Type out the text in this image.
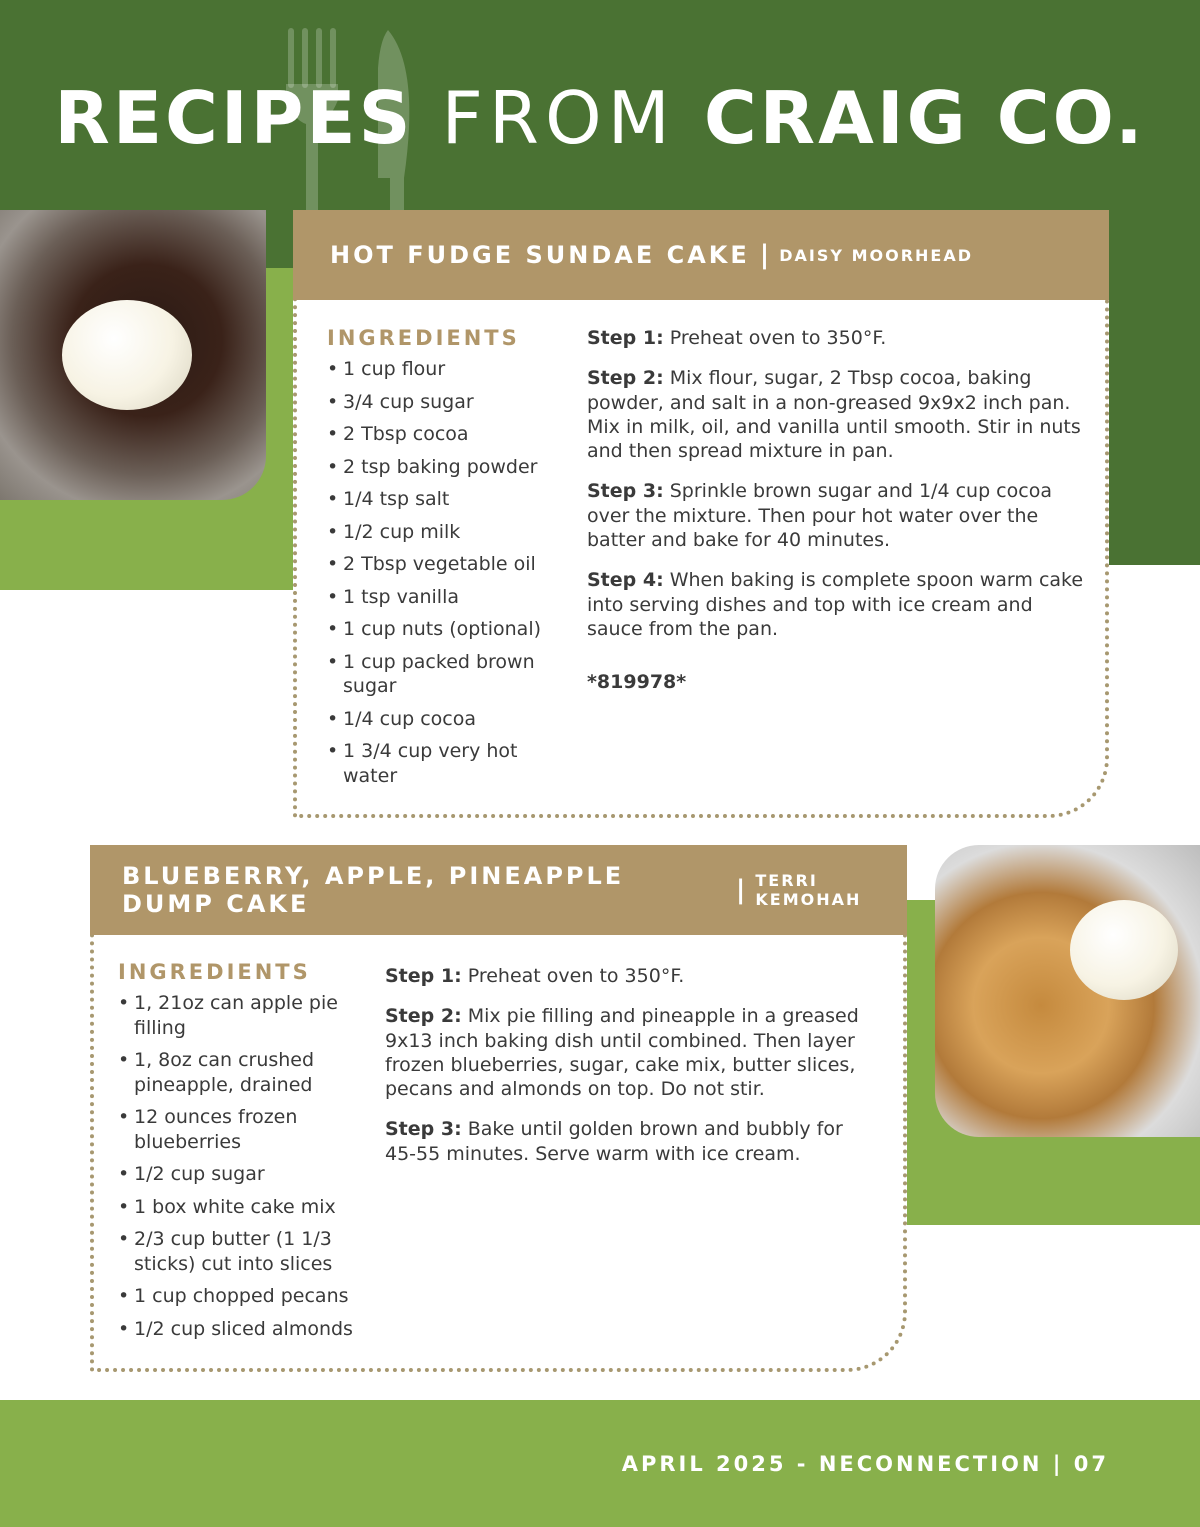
RECIPES FROM CRAIG CO.
HOT FUDGE SUNDAE CAKE | DAISY MOORHEAD
INGREDIENTS
• 1 cup flour
• 3/4 cup sugar
• 2 Tbsp cocoa
• 2 tsp baking powder
• 1/4 tsp salt
• 1/2 cup milk
• 2 Tbsp vegetable oil
• 1 tsp vanilla
• 1 cup nuts (optional)
• 1 cup packed brown sugar
• 1/4 cup cocoa
• 1 3/4 cup very hot water

Step 1: Preheat oven to 350°F.

Step 2: Mix flour, sugar, 2 Tbsp cocoa, baking powder, and salt in a non-greased 9x9x2 inch pan. Mix in milk, oil, and vanilla until smooth. Stir in nuts and then spread mixture in pan.

Step 3: Sprinkle brown sugar and 1/4 cup cocoa over the mixture. Then pour hot water over the batter and bake for 40 minutes.

Step 4: When baking is complete spoon warm cake into serving dishes and top with ice cream and sauce from the pan.

*819978*
BLUEBERRY, APPLE, PINEAPPLE DUMP CAKE	| TERRI KEMOHAH
INGREDIENTS
• 1, 21oz can apple pie filling
• 1, 8oz can crushed pineapple, drained
• 12 ounces frozen blueberries
• 1/2 cup sugar
• 1 box white cake mix
• 2/3 cup butter (1 1/3 sticks) cut into slices
• 1 cup chopped pecans
• 1/2 cup sliced almonds

Step 1: Preheat oven to 350°F.

Step 2: Mix pie filling and pineapple in a greased 9x13 inch baking dish until combined. Then layer frozen blueberries, sugar, cake mix, butter slices, pecans and almonds on top. Do not stir.

Step 3: Bake until golden brown and bubbly for 45-55 minutes. Serve warm with ice cream.

APRIL 2025 - NECONNECTION | 07
